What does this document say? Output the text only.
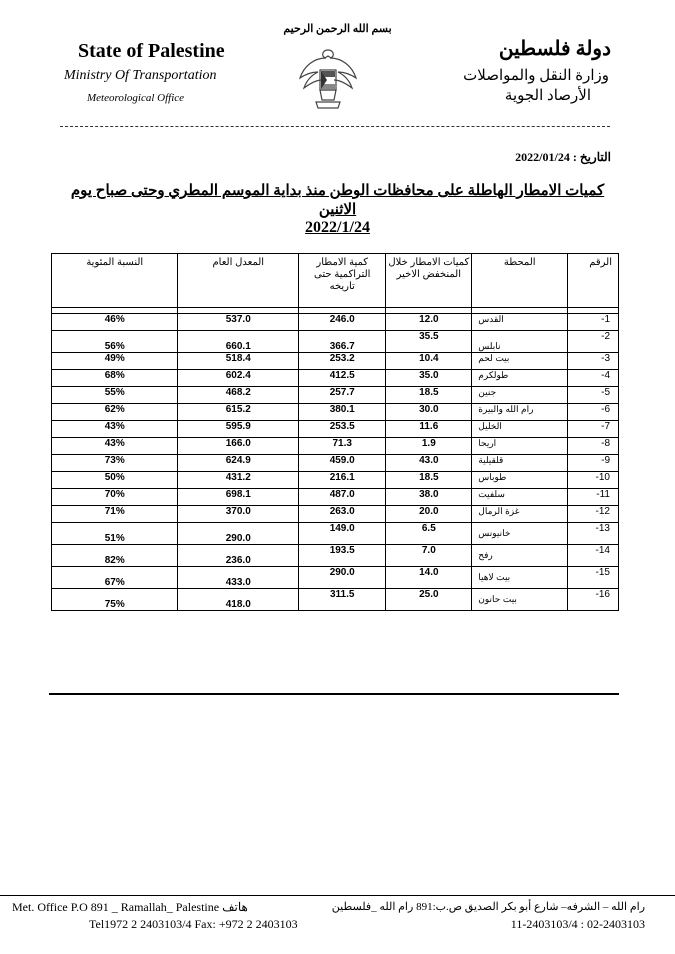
بسم الله الرحمن الرحيم
State of Palestine
Ministry Of Transportation
Meteorological Office
دولة فلسطين
وزارة النقل والمواصلات
الأرصاد الجوية
التاريخ : 2022/01/24
كميات الامطار الهاطلة على محافظات الوطن منذ بداية الموسم المطري وحتى صباح يوم الاثنين
2022/1/24
الرقم	المحطة	كميات الامطار خلال المنخفض الاخير	كمية الامطار التراكمية حتى تاريخه	المعدل العام	النسبة المئوية

1-	القدس	12.0	246.0	537.0	46%
2-	نابلس	35.5	366.7	660.1	56%
3-	بيت لحم	10.4	253.2	518.4	49%
4-	طولكرم	35.0	412.5	602.4	68%
5-	جنين	18.5	257.7	468.2	55%
6-	رام الله والبيرة	30.0	380.1	615.2	62%
7-	الخليل	11.6	253.5	595.9	43%
8-	اريحا	1.9	71.3	166.0	43%
9-	قلقيلية	43.0	459.0	624.9	73%
10-	طوباس	18.5	216.1	431.2	50%
11-	سلفيت	38.0	487.0	698.1	70%
12-	غزة الرمال	20.0	263.0	370.0	71%
13-	خانيونس	6.5	149.0	290.0	51%
14-	رفح	7.0	193.5	236.0	82%
15-	بيت لاهيا	14.0	290.0	433.0	67%
16-	بيت حانون	25.0	311.5	418.0	75%
Met. Office P.O 891 _ Ramallah_ Palestine هاتف
Tel1972 2 2403103/4 Fax: +972 2 2403103
رام الله – الشرفه– شارع أبو بكر الصديق ص.ب:891 رام الله _فلسطين
02-2403103 : 11-2403103/4
